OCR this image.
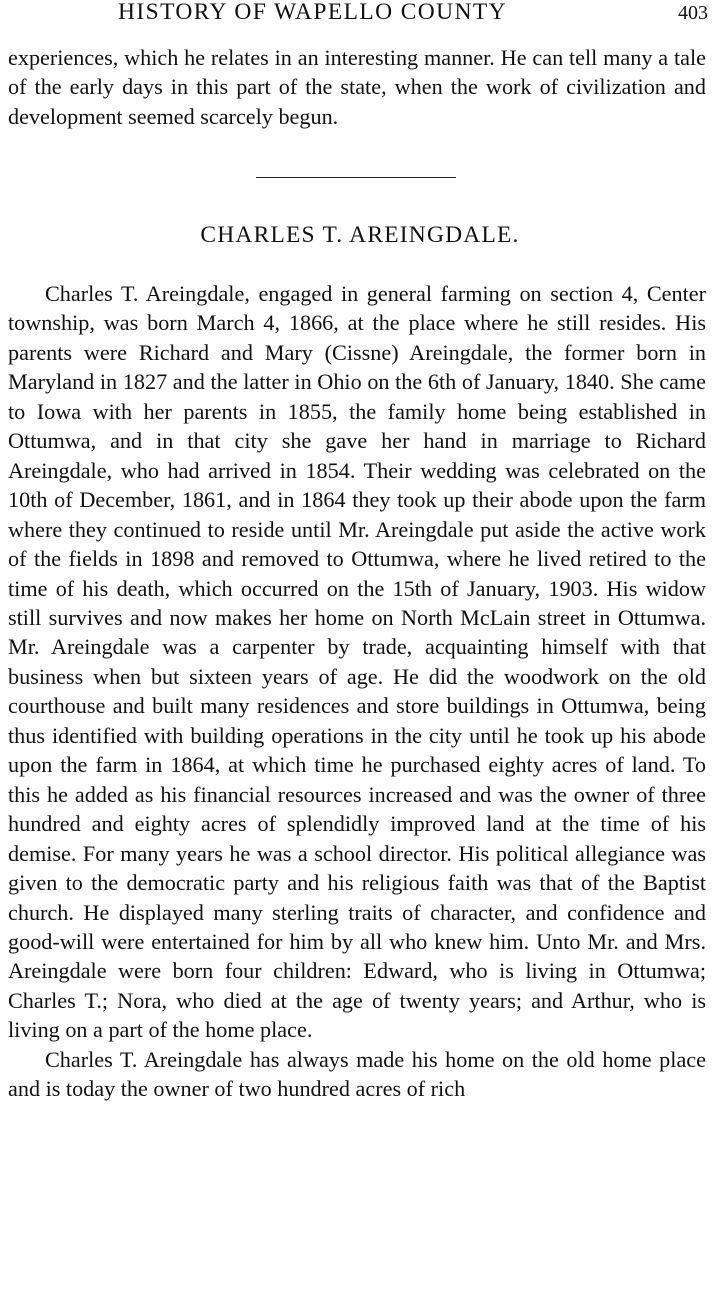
HISTORY OF WAPELLO COUNTY	403

experiences, which he relates in an interesting manner. He can tell many a tale of the early days in this part of the state, when the work of civilization and development seemed scarcely begun.

CHARLES T. AREINGDALE.

Charles T. Areingdale, engaged in general farming on section 4, Center township, was born March 4, 1866, at the place where he still resides. His parents were Richard and Mary (Cissne) Areingdale, the former born in Maryland in 1827 and the latter in Ohio on the 6th of January, 1840. She came to Iowa with her parents in 1855, the family home being established in Ottumwa, and in that city she gave her hand in marriage to Richard Areingdale, who had arrived in 1854. Their wedding was celebrated on the 10th of December, 1861, and in 1864 they took up their abode upon the farm where they continued to reside until Mr. Areingdale put aside the active work of the fields in 1898 and removed to Ottumwa, where he lived retired to the time of his death, which occurred on the 15th of January, 1903. His widow still survives and now makes her home on North McLain street in Ottumwa. Mr. Areingdale was a carpenter by trade, acquainting himself with that business when but sixteen years of age. He did the woodwork on the old courthouse and built many residences and store buildings in Ottumwa, being thus identified with building operations in the city until he took up his abode upon the farm in 1864, at which time he purchased eighty acres of land. To this he added as his financial resources increased and was the owner of three hundred and eighty acres of splendidly improved land at the time of his demise. For many years he was a school director. His political allegiance was given to the democratic party and his religious faith was that of the Baptist church. He displayed many sterling traits of character, and confidence and good-will were entertained for him by all who knew him. Unto Mr. and Mrs. Areingdale were born four children: Edward, who is living in Ottumwa; Charles T.; Nora, who died at the age of twenty years; and Arthur, who is living on a part of the home place.

Charles T. Areingdale has always made his home on the old home place and is today the owner of two hundred acres of rich
